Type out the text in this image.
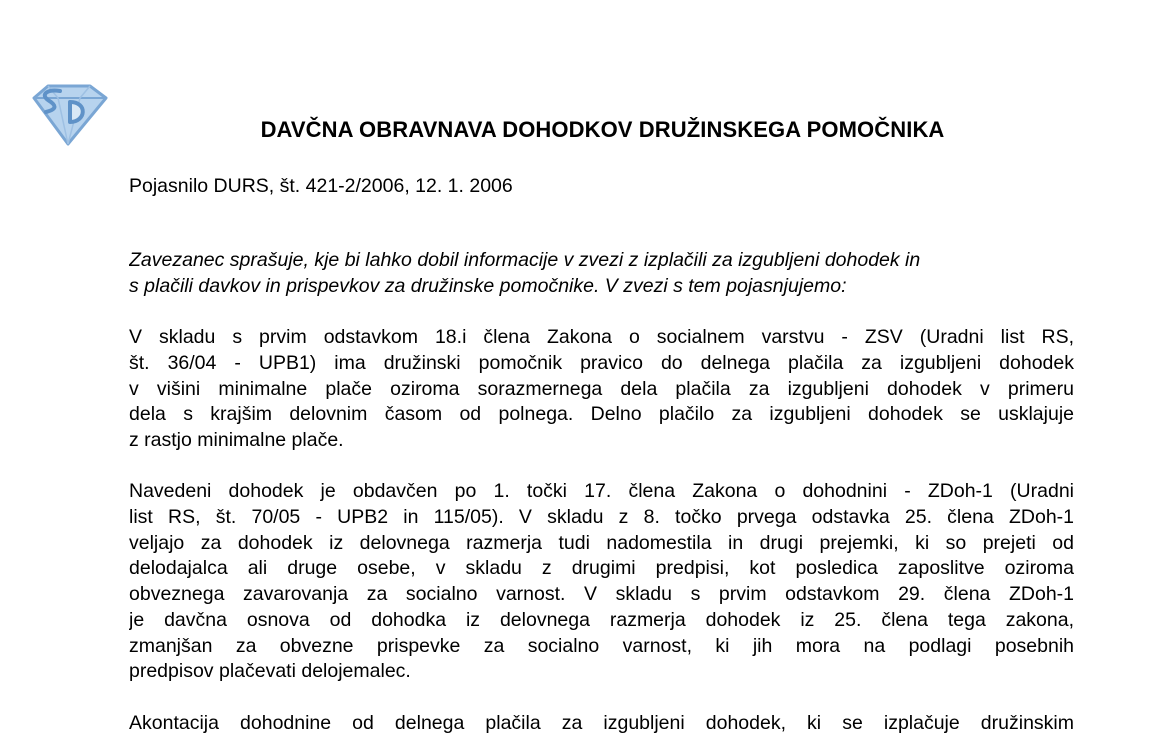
DAVČNA OBRAVNAVA DOHODKOV DRUŽINSKEGA POMOČNIKA
Pojasnilo DURS, št. 421-2/2006, 12. 1. 2006
Zavezanec sprašuje, kje bi lahko dobil informacije v zvezi z izplačili za izgubljeni dohodek in
s plačili davkov in prispevkov za družinske pomočnike. V zvezi s tem pojasnjujemo:
V skladu s prvim odstavkom 18.i člena Zakona o socialnem varstvu - ZSV (Uradni list RS,
št. 36/04 - UPB1) ima družinski pomočnik pravico do delnega plačila za izgubljeni dohodek
v višini minimalne plače oziroma sorazmernega dela plačila za izgubljeni dohodek v primeru
dela s krajšim delovnim časom od polnega. Delno plačilo za izgubljeni dohodek se usklajuje
z rastjo minimalne plače.
Navedeni dohodek je obdavčen po 1. točki 17. člena Zakona o dohodnini - ZDoh-1 (Uradni
list RS, št. 70/05 - UPB2 in 115/05). V skladu z 8. točko prvega odstavka 25. člena ZDoh-1
veljajo za dohodek iz delovnega razmerja tudi nadomestila in drugi prejemki, ki so prejeti od
delodajalca ali druge osebe, v skladu z drugimi predpisi, kot posledica zaposlitve oziroma
obveznega zavarovanja za socialno varnost. V skladu s prvim odstavkom 29. člena ZDoh-1
je davčna osnova od dohodka iz delovnega razmerja dohodek iz 25. člena tega zakona,
zmanjšan za obvezne prispevke za socialno varnost, ki jih mora na podlagi posebnih
predpisov plačevati delojemalec.
Akontacija dohodnine od delnega plačila za izgubljeni dohodek, ki se izplačuje družinskim
